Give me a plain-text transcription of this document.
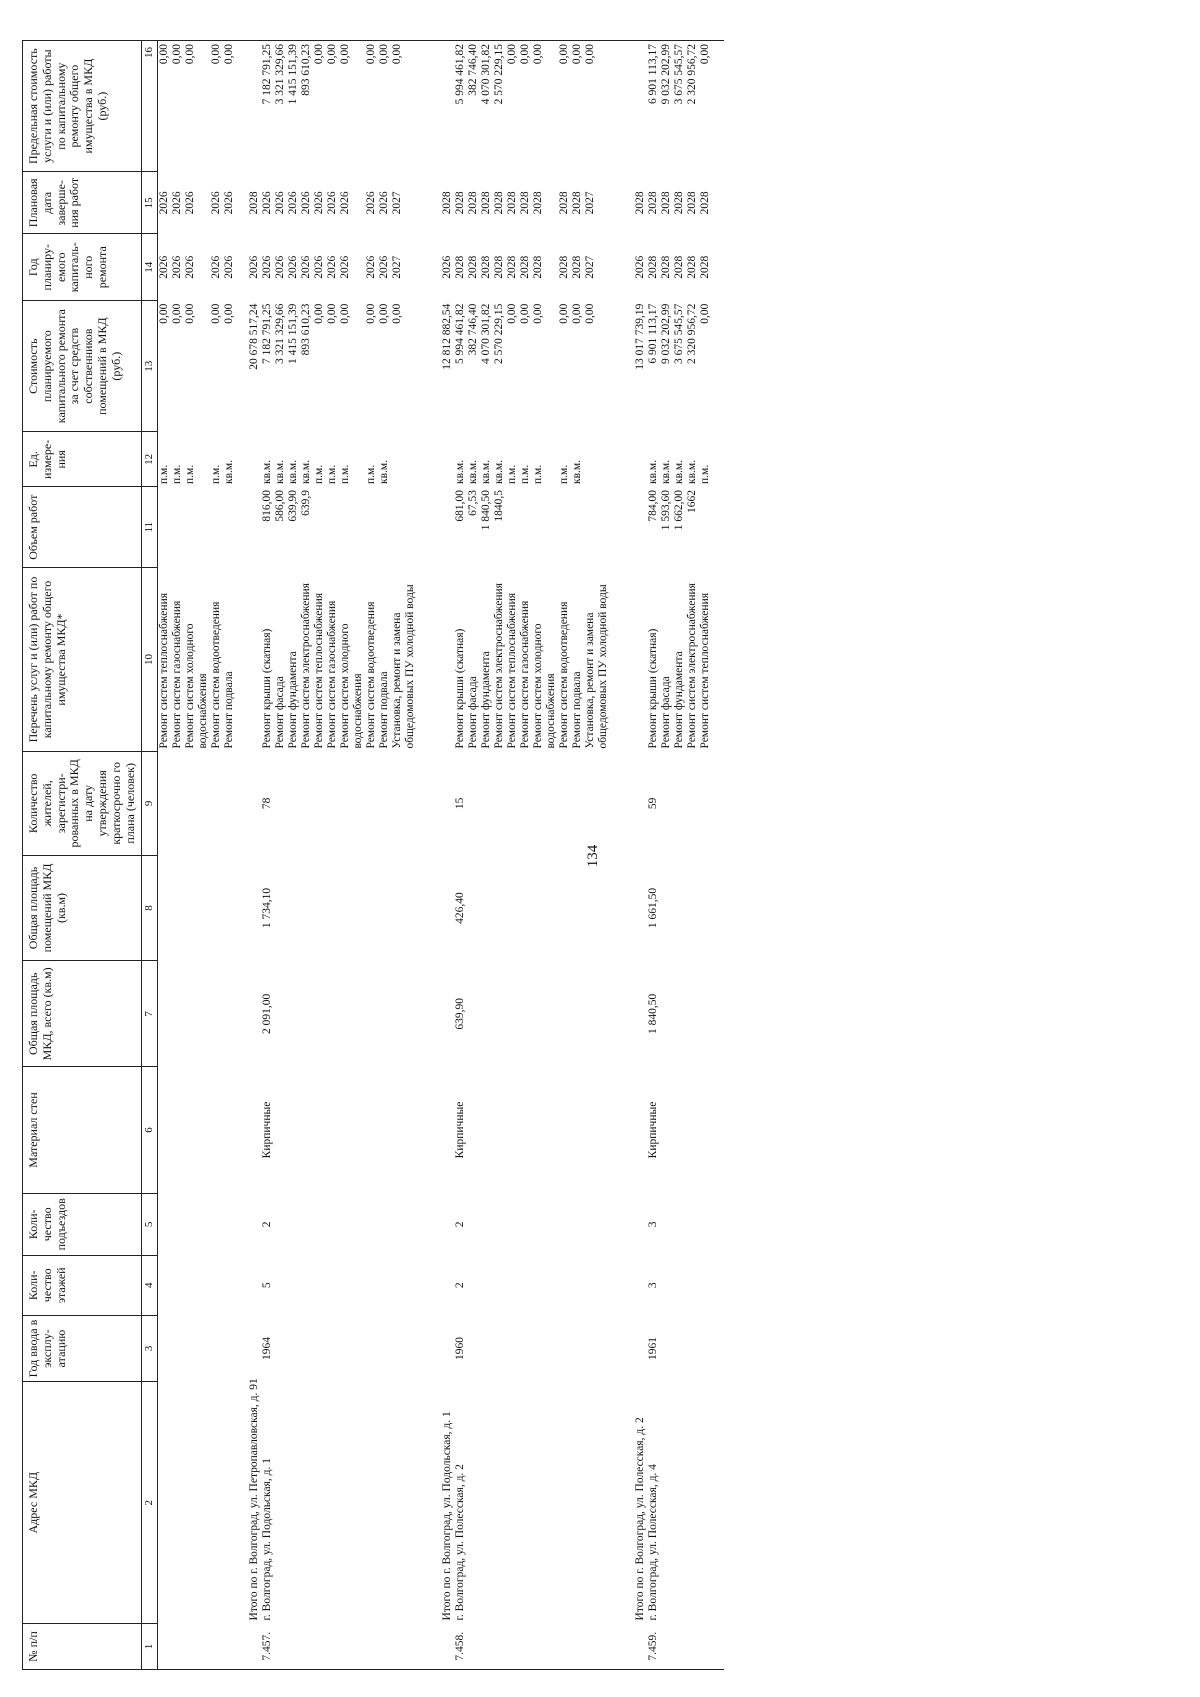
134
№ п/п	Адрес МКД	Год ввода в эксплу-атацию	Коли-чество этажей	Коли-чество подъездов	Материал стен	Общая площадь МКД, всего (кв.м)	Общая площадь помещений МКД (кв.м)	Количество жителей, зарегистри-рованных в МКД на дату утверждения краткосрочно го плана (человек)	Перечень услуг и (или) работ по капитальному ремонту общего имущества МКД*	Объем работ	Ед. измере-ния	Стоимость планируемого капитального ремонта за счет средств собственников помещений в МКД (руб.)	Год планиру-емого капиталь-ного ремонта	Плановая дата заверше-ния работ	Предельная стоимость услуги и (или) работы по капитальному ремонту общего имущества в МКД (руб.)
1	2	3	4	5	6	7	8	9	10	11	12	13	14	15	16
									Ремонт систем теплоснабжения		п.м.	0,00	2026	2026	0,00
									Ремонт систем газоснабжения		п.м.	0,00	2026	2026	0,00
									Ремонт систем холодного водоснабжения		п.м.	0,00	2026	2026	0,00
									Ремонт систем водоотведения		п.м.	0,00	2026	2026	0,00
									Ремонт подвала		кв.м.	0,00	2026	2026	0,00

	Итого по г. Волгоград, ул. Петропавловская, д. 91											20 678 517,24	2026	2028	
7.457.	г. Волгоград, ул. Подольская, д. 1	1964	5	2	Кирпичные	2 091,00	1 734,10	78	Ремонт крыши (скатная)	816,00	кв.м.	7 182 791,25	2026	2026	7 182 791,25
									Ремонт фасада	586,00	кв.м.	3 321 329,66	2026	2026	3 321 329,66
									Ремонт фундамента	639,90	кв.м.	1 415 151,39	2026	2026	1 415 151,39
									Ремонт систем электроснабжения	639,9	кв.м.	893 610,23	2026	2026	893 610,23
									Ремонт систем теплоснабжения		п.м.	0,00	2026	2026	0,00
									Ремонт систем газоснабжения		п.м.	0,00	2026	2026	0,00
									Ремонт систем холодного водоснабжения		п.м.	0,00	2026	2026	0,00
									Ремонт систем водоотведения		п.м.	0,00	2026	2026	0,00
									Ремонт подвала		кв.м.	0,00	2026	2026	0,00
									Установка, ремонт и замена общедомовых ПУ холодной воды			0,00	2027	2027	0,00

	Итого по г. Волгоград, ул. Подольская, д. 1											12 812 882,54	2026	2028	
7.458.	г. Волгоград, ул. Полесская, д. 2	1960	2	2	Кирпичные	639,90	426,40	15	Ремонт крыши (скатная)	681,00	кв.м.	5 994 461,82	2028	2028	5 994 461,82
									Ремонт фасада	67,53	кв.м.	382 746,40	2028	2028	382 746,40
									Ремонт фундамента	1 840,50	кв.м.	4 070 301,82	2028	2028	4 070 301,82
									Ремонт систем электроснабжения	1840,5	кв.м.	2 570 229,15	2028	2028	2 570 229,15
									Ремонт систем теплоснабжения		п.м.	0,00	2028	2028	0,00
									Ремонт систем газоснабжения		п.м.	0,00	2028	2028	0,00
									Ремонт систем холодного водоснабжения		п.м.	0,00	2028	2028	0,00
									Ремонт систем водоотведения		п.м.	0,00	2028	2028	0,00
									Ремонт подвала		кв.м.	0,00	2028	2028	0,00
									Установка, ремонт и замена общедомовых ПУ холодной воды			0,00	2027	2027	0,00

	Итого по г. Волгоград, ул. Полесская, д. 2											13 017 739,19	2026	2028	
7.459.	г. Волгоград, ул. Полесская, д. 4	1961	3	3	Кирпичные	1 840,50	1 661,50	59	Ремонт крыши (скатная)	784,00	кв.м.	6 901 113,17	2028	2028	6 901 113,17
									Ремонт фасада	1 593,60	кв.м.	9 032 202,99	2028	2028	9 032 202,99
									Ремонт фундамента	1 662,00	кв.м.	3 675 545,57	2028	2028	3 675 545,57
									Ремонт систем электроснабжения	1662	кв.м.	2 320 956,72	2028	2028	2 320 956,72
									Ремонт систем теплоснабжения		п.м.	0,00	2028	2028	0,00
